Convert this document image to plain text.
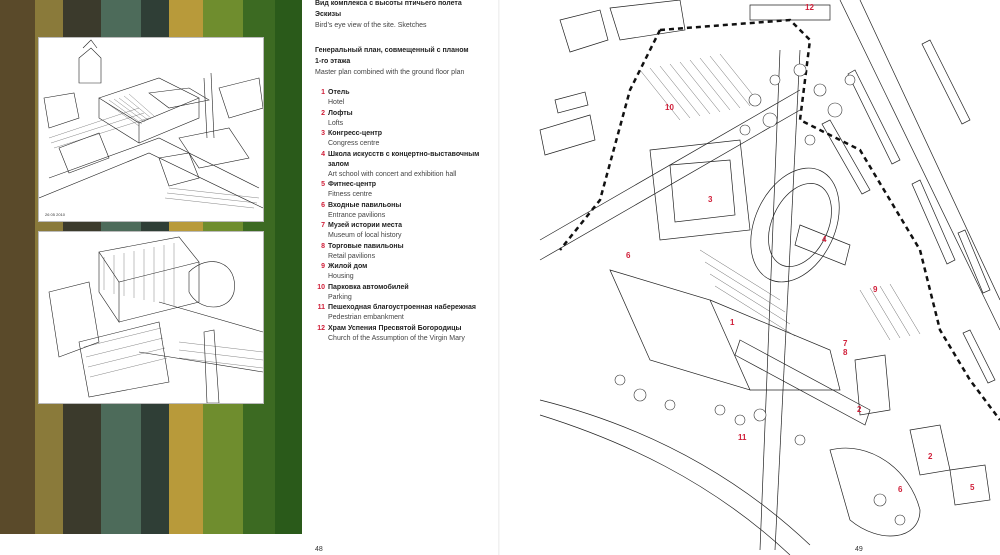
26 05 2010
Вид комплекса с высоты птичьего полета
Эскизы
Bird’s eye view of the site. Sketches
Генеральный план, совмещенный с планом 1-го этажа
Master plan combined with the ground floor plan
1 Отель
Hotel
2 Лофты
Lofts
3 Конгресс-центр
Congress centre
4 Школа искусств с концертно-выставочным залом
Art school with concert and exhibition hall
5 Фитнес-центр
Fitness centre
6 Входные павильоны
Entrance pavilions
7 Музей истории места
Museum of local history
8 Торговые павильоны
Retail pavilions
9 Жилой дом
Housing
10 Парковка автомобилей
Parking
11 Пешеходная благоустроенная набережная
Pedestrian embankment
12 Храм Успения Пресвятой Богородицы
Church of the Assumption of the Virgin Mary
48
12
10
3
4
6
1
9
7
8
2
11
5
2
6
49
